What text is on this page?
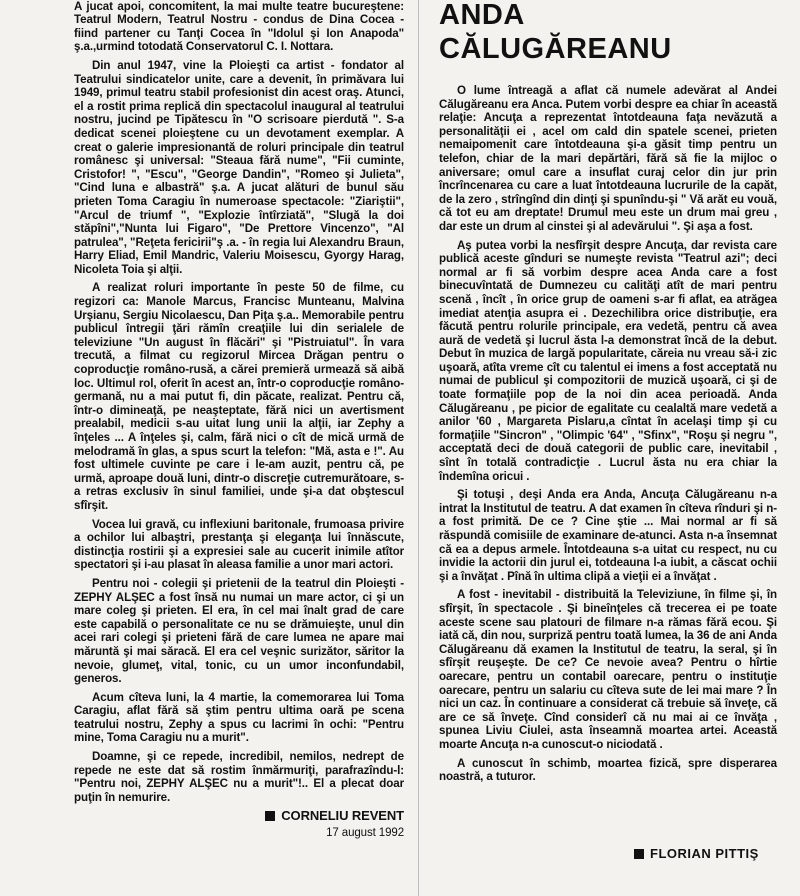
A jucat apoi, concomitent, la mai multe teatre bucureştene: Teatrul Modern, Teatrul Nostru - condus de Dina Cocea - fiind partener cu Tanţi Cocea în "Idolul şi Ion Anapoda" ş.a.,urmind totodată Conservatorul C. I. Nottara.

Din anul 1947, vine la Ploieşti ca artist - fondator al Teatrului sindicatelor unite, care a devenit, în primăvara lui 1949, primul teatru stabil profesionist din acest oraş. Atunci, el a rostit prima replică din spectacolul inaugural al teatrului nostru, jucind pe Tipătescu în "O scrisoare pierdută ". S-a dedicat scenei ploieştene cu un devotament exemplar. A creat o galerie impresionantă de roluri principale din teatrul românesc şi universal: "Steaua fără nume", "Fii cuminte, Cristofor! ", "Escu", "George Dandin", "Romeo şi Julieta", "Cind luna e albastră" ş.a. A jucat alături de bunul său prieten Toma Caragiu în numeroase spectacole: "Ziariştii", "Arcul de triumf ", "Explozie întîrziată", "Slugă la doi stăpîni","Nunta lui Figaro", "De Prettore Vincenzo", "Al patrulea", "Reţeta fericirii"ş .a. - în regia lui Alexandru Braun, Harry Eliad, Emil Mandric, Valeriu Moisescu, Gyorgy Harag, Nicoleta Toia şi alţii.

A realizat roluri importante în peste 50 de filme, cu regizori ca: Manole Marcus, Francisc Munteanu, Malvina Urşianu, Sergiu Nicolaescu, Dan Piţa ş.a.. Memorabile pentru publicul întregii ţări rămîn creaţiile lui din serialele de televiziune "Un august în flăcări" şi "Pistruiatul". În vara trecută, a filmat cu regizorul Mircea Drăgan pentru o coproducţie româno-rusă, a cărei premieră urmează să aibă loc. Ultimul rol, oferit în acest an, într-o coproducţie româno-germană, nu a mai putut fi, din păcate, realizat. Pentru că, într-o dimineaţă, pe neaşteptate, fără nici un avertisment prealabil, medicii s-au uitat lung unii la alţii, iar Zephy a înţeles ... A înţeles şi, calm, fără nici o cît de mică urmă de melodramă în glas, a spus scurt la telefon: "Mă, asta e !". Au fost ultimele cuvinte pe care i le-am auzit, pentru că, pe urmă, aproape două luni, dintr-o discreţie cutremurătoare, s-a retras exclusiv în sinul familiei, unde şi-a dat obştescul sfîrşit.

Vocea lui gravă, cu inflexiuni baritonale, frumoasa privire a ochilor lui albaştri, prestanţa şi eleganţa lui înnăscute, distincţia rostirii şi a expresiei sale au cucerit inimile atîtor spectatori şi i-au plasat în aleasa familie a unor mari actori.

Pentru noi - colegii şi prietenii de la teatrul din Ploieşti - ZEPHY ALŞEC a fost însă nu numai un mare actor, ci şi un mare coleg şi prieten. El era, în cel mai înalt grad de care este capabilă o personalitate ce nu se drămuieşte, unul din acei rari colegi şi prieteni fără de care lumea ne apare mai măruntă şi mai săracă. El era cel veşnic surizător, săritor la nevoie, glumeţ, vital, tonic, cu un umor inconfundabil, generos.

Acum cîteva luni, la 4 martie, la comemorarea lui Toma Caragiu, aflat fără să ştim pentru ultima oară pe scena teatrului nostru, Zephy a spus cu lacrimi în ochi: "Pentru mine, Toma Caragiu nu a murit".

Doamne, şi ce repede, incredibil, nemilos, nedrept de repede ne este dat să rostim înmărmuriţi, parafrazîndu-l: "Pentru noi, ZEPHY ALŞEC nu a murit"!.. El a plecat doar puţin în nemurire.

CORNELIU REVENT
17 august 1992
ANDA
CĂLUGĂREANU

O lume întreagă a aflat că numele adevărat al Andei Călugăreanu era Anca. Putem vorbi despre ea chiar în această relaţie: Ancuţa a reprezentat întotdeauna faţa nevăzută a personalităţii ei , acel om cald din spatele scenei, prieten nemaipomenit care întotdeauna şi-a găsit timp pentru un telefon, chiar de la mari depărtări, fără să fie la mijloc o aniversare; omul care a insuflat curaj celor din jur prin încrîncenarea cu care a luat întotdeauna lucrurile de la capăt, de la zero , strîngînd din dinţi şi spunîndu-şi " Vă arăt eu vouă, că tot eu am dreptate! Drumul meu este un drum mai greu , dar este un drum al cinstei şi al adevărului ". Şi aşa a fost.

Aş putea vorbi la nesfîrşit despre Ancuţa, dar revista care publică aceste gînduri se numeşte revista "Teatrul azi"; deci normal ar fi să vorbim despre acea Anda care a fost binecuvîntată de Dumnezeu cu calităţi atît de mari pentru scenă , încît , în orice grup de oameni s-ar fi aflat, ea atrăgea imediat atenţia asupra ei . Dezechilibra orice distribuţie, era făcută pentru rolurile principale, era vedetă, pentru că avea aură de vedetă şi lucrul ăsta l-a demonstrat încă de la debut. Debut în muzica de largă popularitate, căreia nu vreau să-i zic uşoară, atîta vreme cît cu talentul ei imens a fost acceptată nu numai de publicul şi compozitorii de muzică uşoară, ci şi de toate formaţiile pop de la noi din acea perioadă. Anda Călugăreanu , pe picior de egalitate cu cealaltă mare vedetă a anilor '60 , Margareta Pislaru,a cîntat în acelaşi timp şi cu formaţiile "Sincron" , "Olimpic '64" , "Sfinx", "Roşu şi negru ", acceptată deci de două categorii de public care, inevitabil , sînt în totală contradicţie . Lucrul ăsta nu era chiar la îndemîna oricui .

Şi totuşi , deşi Anda era Anda, Ancuţa Călugăreanu n-a intrat la Institutul de teatru. A dat examen în cîteva rînduri şi n-a fost primită. De ce ? Cine ştie ... Mai normal ar fi să răspundă comisiile de examinare de-atunci. Asta n-a însemnat că ea a depus armele. Întotdeauna s-a uitat cu respect, nu cu invidie la actorii din jurul ei, totdeauna l-a iubit, a căscat ochii şi a învăţat . Pînă în ultima clipă a vieţii ei a învăţat .

A fost - inevitabil - distribuită la Televiziune, în filme şi, în sfîrşit, în spectacole . Şi bineînţeles că trecerea ei pe toate aceste scene sau platouri de filmare n-a rămas fără ecou. Şi iată că, din nou, surpriză pentru toată lumea, la 36 de ani Anda Călugăreanu dă examen la Institutul de teatru, la seral, şi în sfîrşit reuşeşte. De ce? Ce nevoie avea? Pentru o hîrtie oarecare, pentru un contabil oarecare, pentru o instituţie oarecare, pentru un salariu cu cîteva sute de lei mai mare ? În nici un caz. În continuare a considerat că trebuie să înveţe, că are ce să înveţe. Cînd considerî că nu mai ai ce învăţa , spunea Liviu Ciulei, asta înseamnă moartea artei. Această moarte Ancuţa n-a cunoscut-o niciodată .

A cunoscut în schimb, moartea fizică, spre disperarea noastră, a tuturor.

FLORIAN PITTIŞ
